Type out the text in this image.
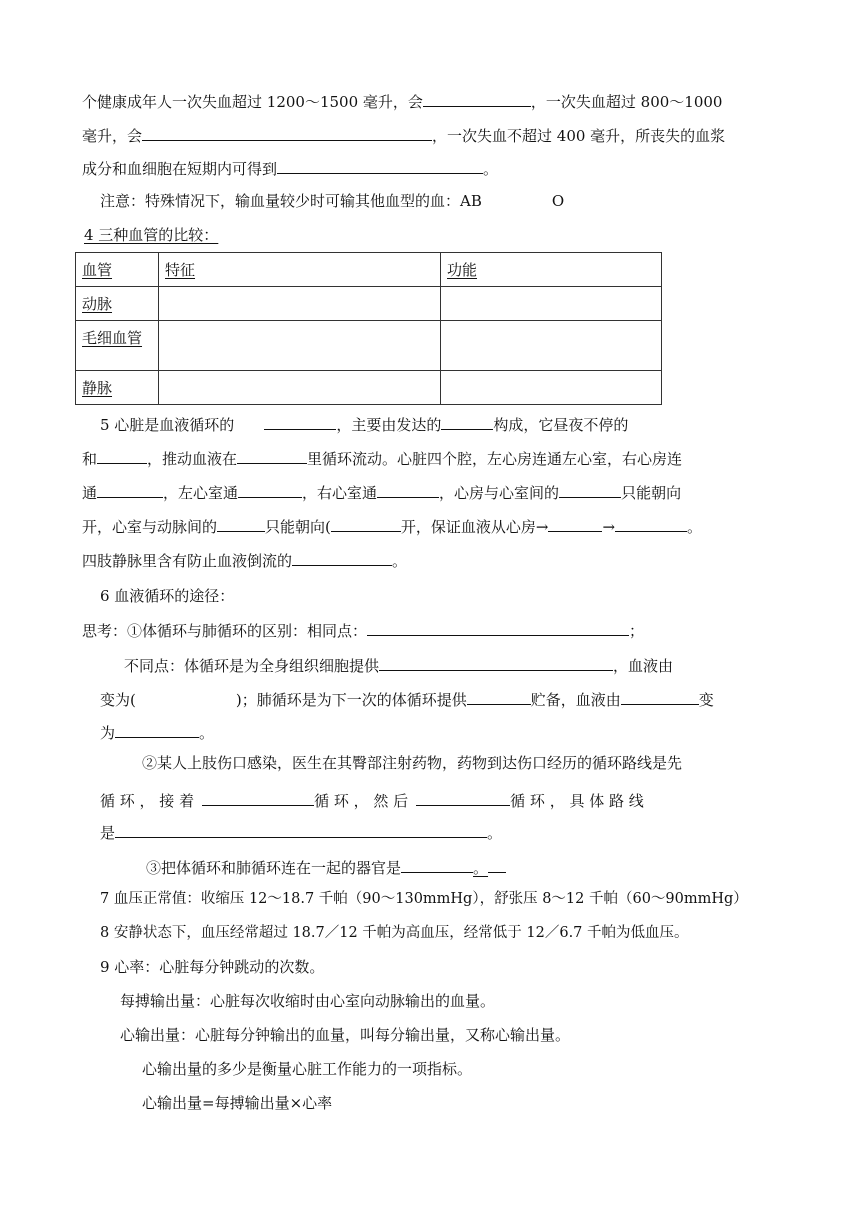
个健康成年人一次失血超过 1200～1500 毫升，会	，一次失血超过 800～1000
毫升，会	，一次失血不超过 400 毫升，所丧失的血浆
成分和血细胞在短期内可得到	。
注意：特殊情况下，输血量较少时可输其他血型的血：AB	O
4 三种血管的比较：
血管	特征	功能
动脉		
毛细血管		
静脉		
5 心脏是血液循环的	，主要由发达的	构成，它昼夜不停的
和	，推动血液在	里循环流动。心脏四个腔，左心房连通左心室，右心房连
通	，左心室通	，右心室通	，心房与心室间的	只能朝向
开，心室与动脉间的	只能朝向(	开，保证血液从心房→	→	。
四肢静脉里含有防止血液倒流的	。
6 血液循环的途径：
思考：①体循环与肺循环的区别：相同点：	；
不同点：体循环是为全身组织细胞提供	，血液由
变为(	)；肺循环是为下一次的体循环提供	贮备，血液由	变
为	。
②某人上肢伤口感染，医生在其臀部注射药物，药物到达伤口经历的循环路线是先
循 环 ， 接 着	循 环 ， 然 后	循 环 ， 具 体 路 线
是	。
③把体循环和肺循环连在一起的器官是	。
7 血压正常值：收缩压 12～18.7 千帕（90～130mmHg），舒张压 8～12 千帕（60～90mmHg）
8 安静状态下，血压经常超过 18.7／12 千帕为高血压，经常低于 12／6.7 千帕为低血压。
9 心率：心脏每分钟跳动的次数。
每搏输出量：心脏每次收缩时由心室向动脉输出的血量。
心输出量：心脏每分钟输出的血量，叫每分输出量，又称心输出量。
心输出量的多少是衡量心脏工作能力的一项指标。
心输出量=每搏输出量×心率
